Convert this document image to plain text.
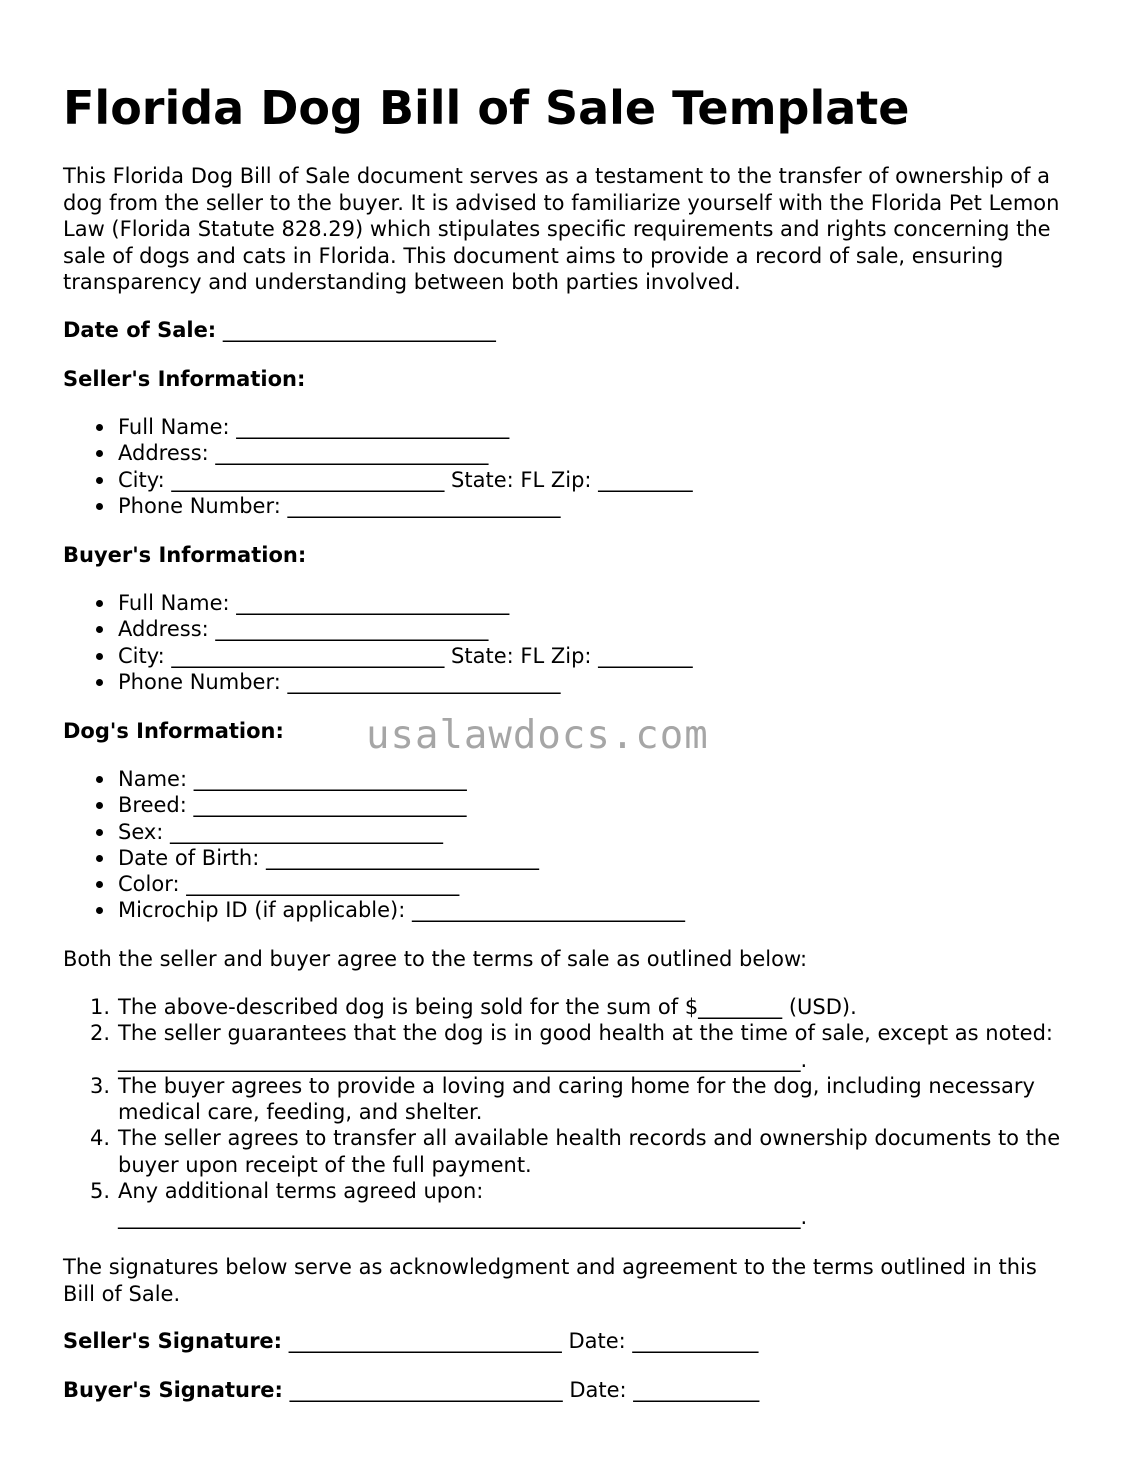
Florida Dog Bill of Sale Template

This Florida Dog Bill of Sale document serves as a testament to the transfer of ownership of a dog from the seller to the buyer. It is advised to familiarize yourself with the Florida Pet Lemon Law (Florida Statute 828.29) which stipulates specific requirements and rights concerning the sale of dogs and cats in Florida. This document aims to provide a record of sale, ensuring transparency and understanding between both parties involved.

Date of Sale: __________________________

Seller's Information:

Full Name: __________________________
Address: __________________________
City: __________________________ State: FL Zip: _________
Phone Number: __________________________

Buyer's Information:

Full Name: __________________________
Address: __________________________
City: __________________________ State: FL Zip: _________
Phone Number: __________________________

Dog's Information:

Name: __________________________
Breed: __________________________
Sex: __________________________
Date of Birth: __________________________
Color: __________________________
Microchip ID (if applicable): __________________________

Both the seller and buyer agree to the terms of sale as outlined below:

1. The above-described dog is being sold for the sum of $________ (USD).
2. The seller guarantees that the dog is in good health at the time of sale, except as noted: _________________________________________________________________.
3. The buyer agrees to provide a loving and caring home for the dog, including necessary medical care, feeding, and shelter.
4. The seller agrees to transfer all available health records and ownership documents to the buyer upon receipt of the full payment.
5. Any additional terms agreed upon: _________________________________________________________________.

The signatures below serve as acknowledgment and agreement to the terms outlined in this Bill of Sale.

Seller's Signature: __________________________ Date: ____________

Buyer's Signature: __________________________ Date: ____________

usalawdocs.com
